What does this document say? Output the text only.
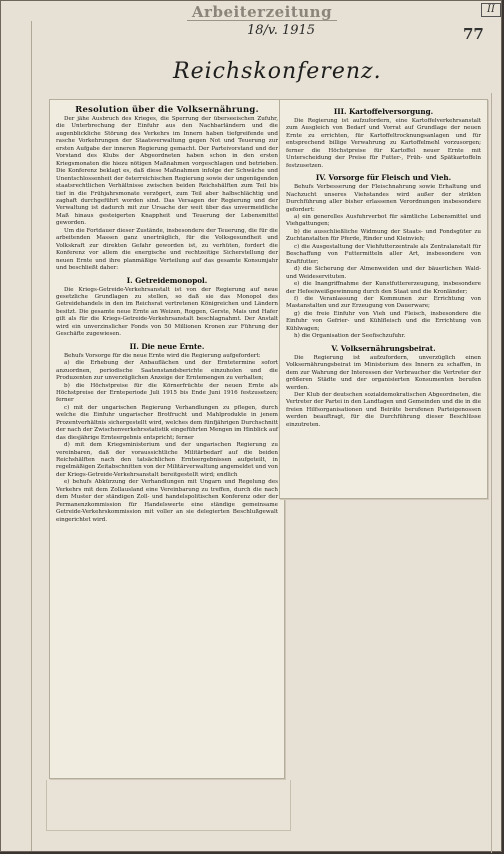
Arbeiterzeitung
18/v. 1915	77
II
Reichskonferenz.
Resolution über die Volksernährung.
Der jähe Ausbruch des Krieges, die Sperrung der überseeischen Zufuhr, die Unterbrechung der Einfuhr aus den Nachbarländern und die augenblickliche Störung des Verkehrs im Innern haben tiefgreifende und rasche Vorkehrungen der Staatsverwaltung gegen Not und Teuerung zur ersten Aufgabe der inneren Regierung gemacht. Der Parteivorstand und der Vorstand des Klubs der Abgeordneten haben schon in den ersten Kriegsmonaten die hiezu nötigen Maßnahmen vorgeschlagen und betrieben. Die Konferenz beklagt es, daß diese Maßnahmen infolge der Schwäche und Unentschlossenheit der österreichischen Regierung sowie der ungenügenden staatsrechtlichen Verhältnisse zwischen beiden Reichshälften zum Teil bis tief in die Frühjahrsmonate verzögert, zum Teil aber halbschlächtig und zaghaft durchgeführt worden sind. Das Versagen der Regierung und der Verwaltung ist dadurch mit zur Ursache der weit über das unvermeidliche Maß hinaus gesteigerten Knappheit und Teuerung der Lebensmittel geworden.
Um die Fortdauer dieser Zustände, insbesondere der Teuerung, die für die arbeitenden Massen ganz unerträglich, für die Volksgesundheit und Volkskraft zur direkten Gefahr geworden ist, zu verhüten, fordert die Konferenz vor allem die energische und rechtzeitige Sicherstellung der neuen Ernte und ihre planmäßige Verteilung auf das gesamte Konsumjahr und beschließt daher:
I. Getreidemonopol.
Die Kriegs-Getreide-Verkehrsanstalt ist von der Regierung auf neue gesetzliche Grundlagen zu stellen, so daß sie das Monopol des Getreidehandels in den im Reichsrat vertretenen Königreichen und Ländern besitzt. Die gesamte neue Ernte an Weizen, Roggen, Gerste, Mais und Hafer gilt als für die Kriegs-Getreide-Verkehrsanstalt beschlagnahmt. Der Anstalt wird ein unverzinslicher Fonds von 50 Millionen Kronen zur Führung der Geschäfte zugewiesen.
II. Die neue Ernte.
Behufs Vorsorge für die neue Ernte wird die Regierung aufgefordert:
a) die Erhebung der Anbauflächen und der Erntetermine sofort anzuordnen, periodische Saatenstandsberichte einzuholen und die Produzenten zur unverzüglichen Anzeige der Erntemengen zu verhalten;
b) die Höchstpreise für die Körnerfrüchte der neuen Ernte als Höchstpreise der Ernteperiode Juli 1915 bis Ende Juni 1916 festzusetzen; ferner
c) mit der ungarischen Regierung Verhandlungen zu pflegen, durch welche die Einfuhr ungarischer Brotfrucht und Mahlprodukte in jenem Prozentverhältnis sichergestellt wird, welches dem fünfjährigen Durchschnitt der nach der Zwischenverkehrsstatistik eingeführten Mengen im Hinblick auf das diesjährige Ernteergebnis entspricht; ferner
d) mit dem Kriegsministerium und der ungarischen Regierung zu vereinbaren, daß der voraussichtliche Militärbedarf auf die beiden Reichshälften nach den tatsächlichen Ernteergebnissen aufgeteilt, in regelmäßigen Zeitabschnitten von der Militärverwaltung angemeldet und von der Kriegs-Getreide-Verkehrsanstalt bereitgestellt wird; endlich
e) behufs Abkürzung der Verhandlungen mit Ungarn und Regelung des Verkehrs mit dem Zollausland eine Vereinbarung zu treffen, durch die nach dem Muster der ständigen Zoll- und handelspolitischen Konferenz oder der Permanenzkommission für Handelswerte eine ständige gemeinsame Getreide-Verkehrskommission mit voller an sie delegierten Beschlußgewalt eingerichtet wird.
III. Kartoffelversorgung.
Die Regierung ist aufzufordern, eine Kartoffelverkehrsanstalt zum Ausgleich von Bedarf und Vorrat auf Grundlage der neuen Ernte zu errichten, für Kartoffeltrocknungsanlagen und für entsprechend billige Verwahrung zu Kartoffelmehl vorzusorgen; ferner die Höchstpreise für Kartoffel neuer Ernte mit Unterscheidung der Preise für Futter-, Früh- und Spätkartoffeln festzusetzen.
IV. Vorsorge für Fleisch und Vieh.
Behufs Verbesserung der Fleischnahrung sowie Erhaltung und Nachzucht unseres Viehstandes wird außer der strikten Durchführung aller bisher erlassenen Verordnungen insbesondere gefordert:
a) ein generelles Ausfuhrverbot für sämtliche Lebensmittel und Viehgattungen;
b) die ausschließliche Widmung der Staats- und Fondsgüter zu Zuchtanstalten für Pferde, Rinder und Kleinvieh;
c) die Ausgestaltung der Viehfutterzentrale als Zentralanstalt für Beschaffung von Futtermitteln aller Art, insbesondere von Kraftfutter;
d) die Sicherung der Almenweiden und der bäuerlichen Wald- und Weideservituten.
e) die Inangriffnahme der Kunstfuttererzeugung, insbesondere der Hefeeiweißgewinnung durch den Staat und die Kronländer;
f) die Veranlassung der Kommunen zur Errichtung von Mastanstalten und zur Erzeugung von Dauerware;
g) die freie Einfuhr von Vieh und Fleisch, insbesondere die Einfuhr von Gefrier- und Kühlfleisch und die Errichtung von Kühlwagen;
h) die Organisation der Seefischzufuhr.
V. Volksernährungsbeirat.
Die Regierung ist aufzufordern, unverzüglich einen Volksernährungsbeirat im Ministerium des Innern zu schaffen, in dem zur Wahrung der Interessen der Verbraucher die Vertreter der größeren Städte und der organisierten Konsumenten berufen werden.
Der Klub der deutschen sozialdemokratischen Abgeordneten, die Vertreter der Partei in den Landtagen und Gemeinden und die in die freien Hilfsorganisationen und Beiräte berufenen Parteigenossen werden beauftragt, für die Durchführung dieser Beschlüsse einzutreten.
